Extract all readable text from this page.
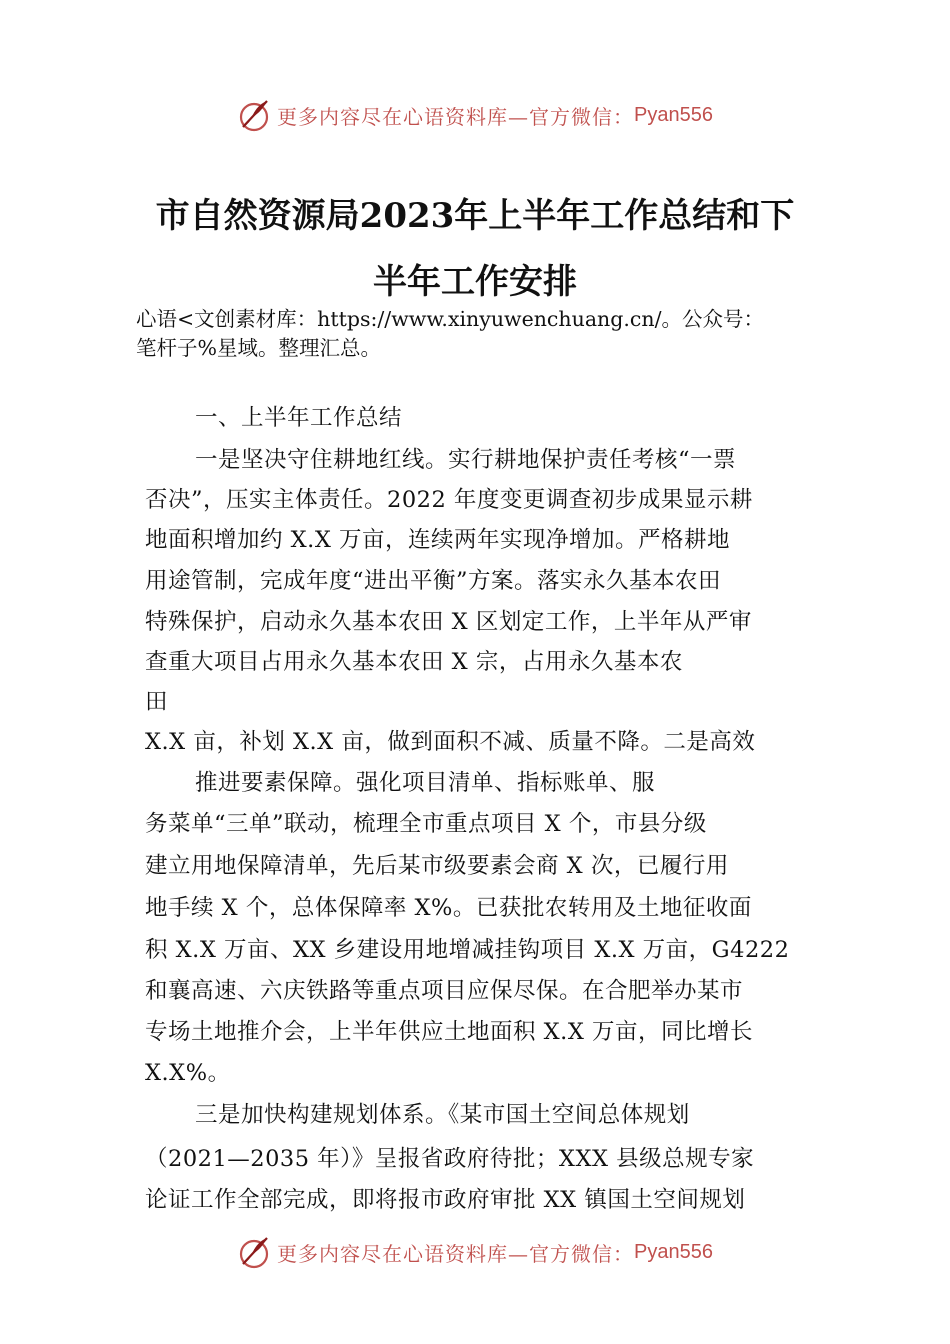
更多内容尽在心语资料库—官方微信： Pyan556
市自然资源局2023年上半年工作总结和下
半年工作安排
心语<文创素材库：https://www.xinyuwenchuang.cn/。公众号：
笔杆子%星域。整理汇总。
一、上半年工作总结
一是坚决守住耕地红线。实行耕地保护责任考核“一票
否决”，压实主体责任。2022 年度变更调查初步成果显示耕
地面积增加约 X.X 万亩，连续两年实现净增加。严格耕地
用途管制，完成年度“进出平衡”方案。落实永久基本农田
特殊保护，启动永久基本农田 X 区划定工作，上半年从严审
查重大项目占用永久基本农田 X 宗，占用永久基本农
田
X.X 亩，补划 X.X 亩，做到面积不减、质量不降。二是高效
推进要素保障。强化项目清单、指标账单、服
务菜单“三单”联动，梳理全市重点项目 X 个，市县分级
建立用地保障清单，先后某市级要素会商 X 次，已履行用
地手续 X 个，总体保障率 X%。已获批农转用及土地征收面
积 X.X 万亩、XX 乡建设用地增减挂钩项目 X.X 万亩，G4222
和襄高速、六庆铁路等重点项目应保尽保。在合肥举办某市
专场土地推介会，上半年供应土地面积 X.X 万亩，同比增长
X.X%。
三是加快构建规划体系。《某市国土空间总体规划
（2021—2035 年）》呈报省政府待批；XXX 县级总规专家
论证工作全部完成，即将报市政府审批 XX 镇国土空间规划
更多内容尽在心语资料库—官方微信： Pyan556
